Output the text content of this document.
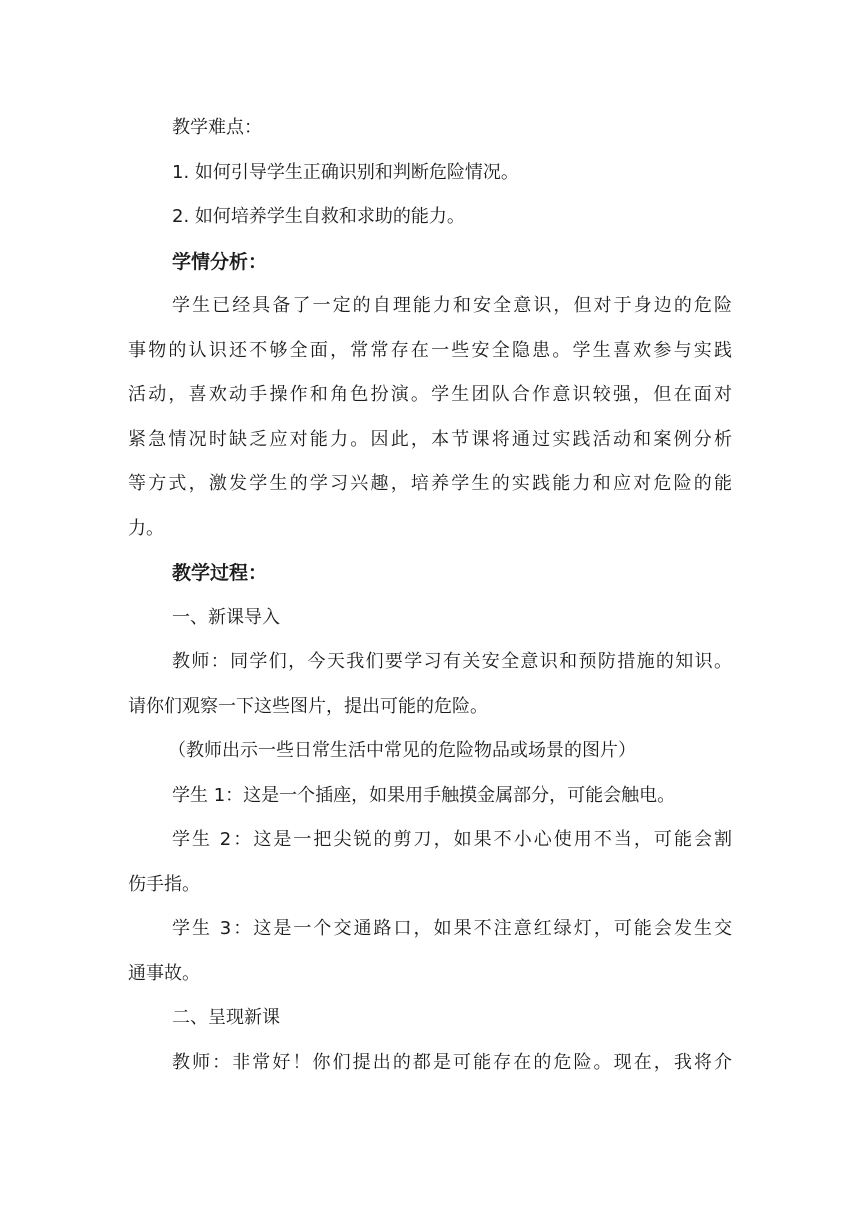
教学难点：

1. 如何引导学生正确识别和判断危险情况。

2. 如何培养学生自救和求助的能力。

学情分析：

学生已经具备了一定的自理能力和安全意识，但对于身边的危险
事物的认识还不够全面，常常存在一些安全隐患。学生喜欢参与实践
活动，喜欢动手操作和角色扮演。学生团队合作意识较强，但在面对
紧急情况时缺乏应对能力。因此，本节课将通过实践活动和案例分析
等方式，激发学生的学习兴趣，培养学生的实践能力和应对危险的能
力。

教学过程：

一、新课导入

教师：同学们，今天我们要学习有关安全意识和预防措施的知识。
请你们观察一下这些图片，提出可能的危险。

（教师出示一些日常生活中常见的危险物品或场景的图片）

学生 1：这是一个插座，如果用手触摸金属部分，可能会触电。

学生 2：这是一把尖锐的剪刀，如果不小心使用不当，可能会割
伤手指。
学生 3：这是一个交通路口，如果不注意红绿灯，可能会发生交
通事故。

二、呈现新课

教师：非常好！你们提出的都是可能存在的危险。现在，我将介
